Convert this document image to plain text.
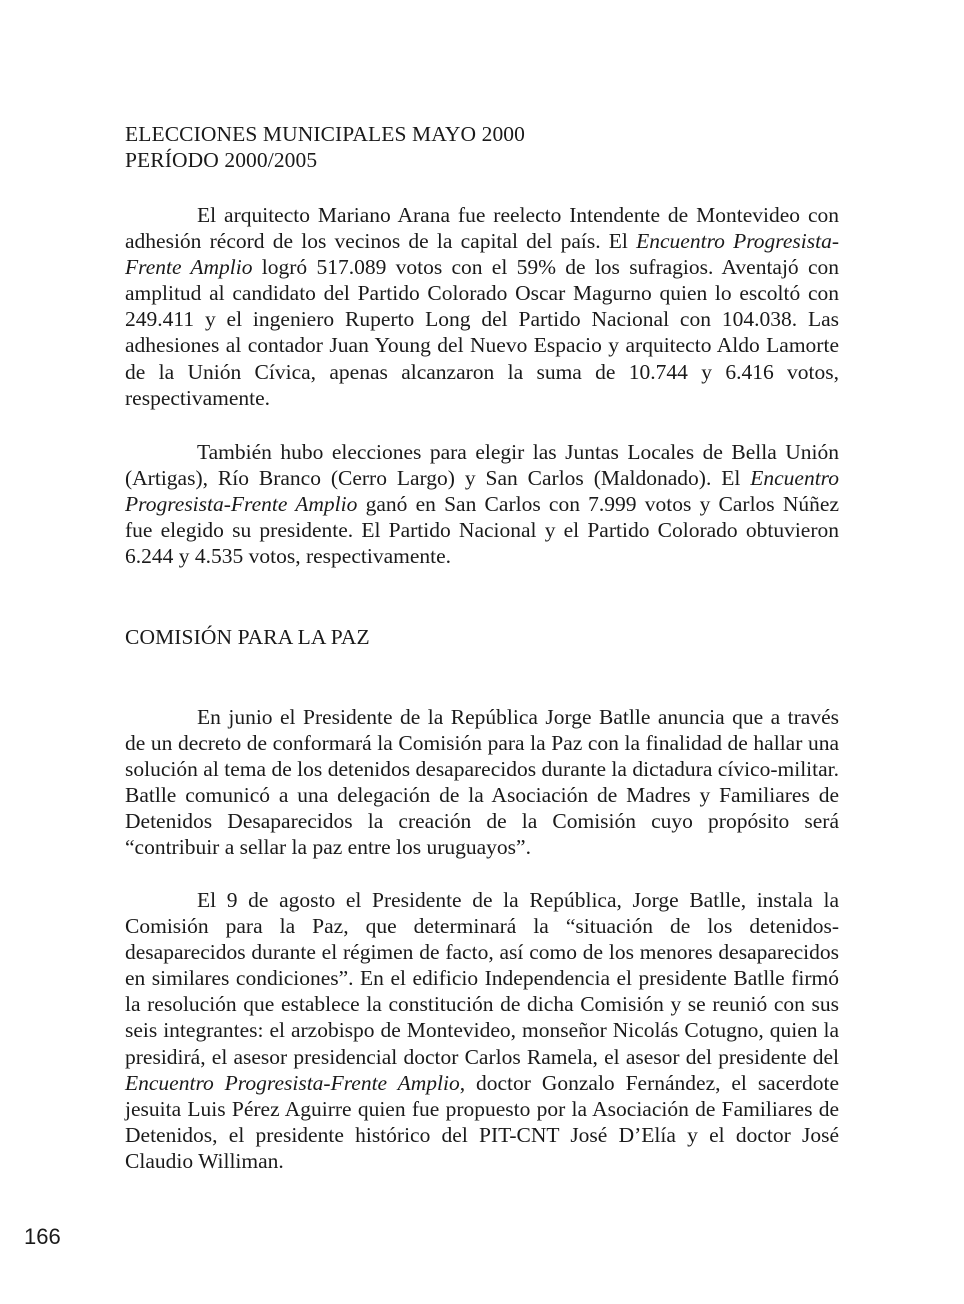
ELECCIONES MUNICIPALES MAYO 2000
PERÍODO 2000/2005

El arquitecto Mariano Arana fue reelecto Intendente de Montevideo con adhesión récord de los vecinos de la capital del país. El Encuentro Progresista-Frente Amplio logró 517.089 votos con el 59% de los sufragios. Aventajó con amplitud al candidato del Partido Colorado Oscar Magurno quien lo escoltó con 249.411 y el ingeniero Ruperto Long del Partido Nacional con 104.038. Las adhesiones al contador Juan Young del Nuevo Espacio y arquitecto Aldo Lamorte de la Unión Cívica, apenas alcanzaron la suma de 10.744 y 6.416 votos, respectivamente.

También hubo elecciones para elegir las Juntas Locales de Bella Unión (Artigas), Río Branco (Cerro Largo) y San Carlos (Maldonado). El Encuentro Progresista-Frente Amplio ganó en San Carlos con 7.999 votos y Carlos Núñez fue elegido su presidente. El Partido Nacional y el Partido Colorado obtuvieron 6.244 y 4.535 votos, respectivamente.

COMISIÓN PARA LA PAZ

En junio el Presidente de la República Jorge Batlle anuncia que a través de un decreto de conformará la Comisión para la Paz con la finalidad de hallar una solución al tema de los detenidos desaparecidos durante la dictadura cívico-militar. Batlle comunicó a una delegación de la Asociación de Madres y Familiares de Detenidos Desaparecidos la creación de la Comisión cuyo propósito será “contribuir a sellar la paz entre los uruguayos”.

El 9 de agosto el Presidente de la República, Jorge Batlle, instala la Comisión para la Paz, que determinará la “situación de los detenidos-desaparecidos durante el régimen de facto, así como de los menores desaparecidos en similares condiciones”. En el edificio Independencia el presidente Batlle firmó la resolución que establece la constitución de dicha Comisión y se reunió con sus seis integrantes: el arzobispo de Montevideo, monseñor Nicolás Cotugno, quien la presidirá, el asesor presidencial doctor Carlos Ramela, el asesor del presidente del Encuentro Progresista-Frente Amplio, doctor Gonzalo Fernández, el sacerdote jesuita Luis Pérez Aguirre quien fue propuesto por la Asociación de Familiares de Detenidos, el presidente histórico del PIT-CNT José D’Elía y el doctor José Claudio Williman.

166
